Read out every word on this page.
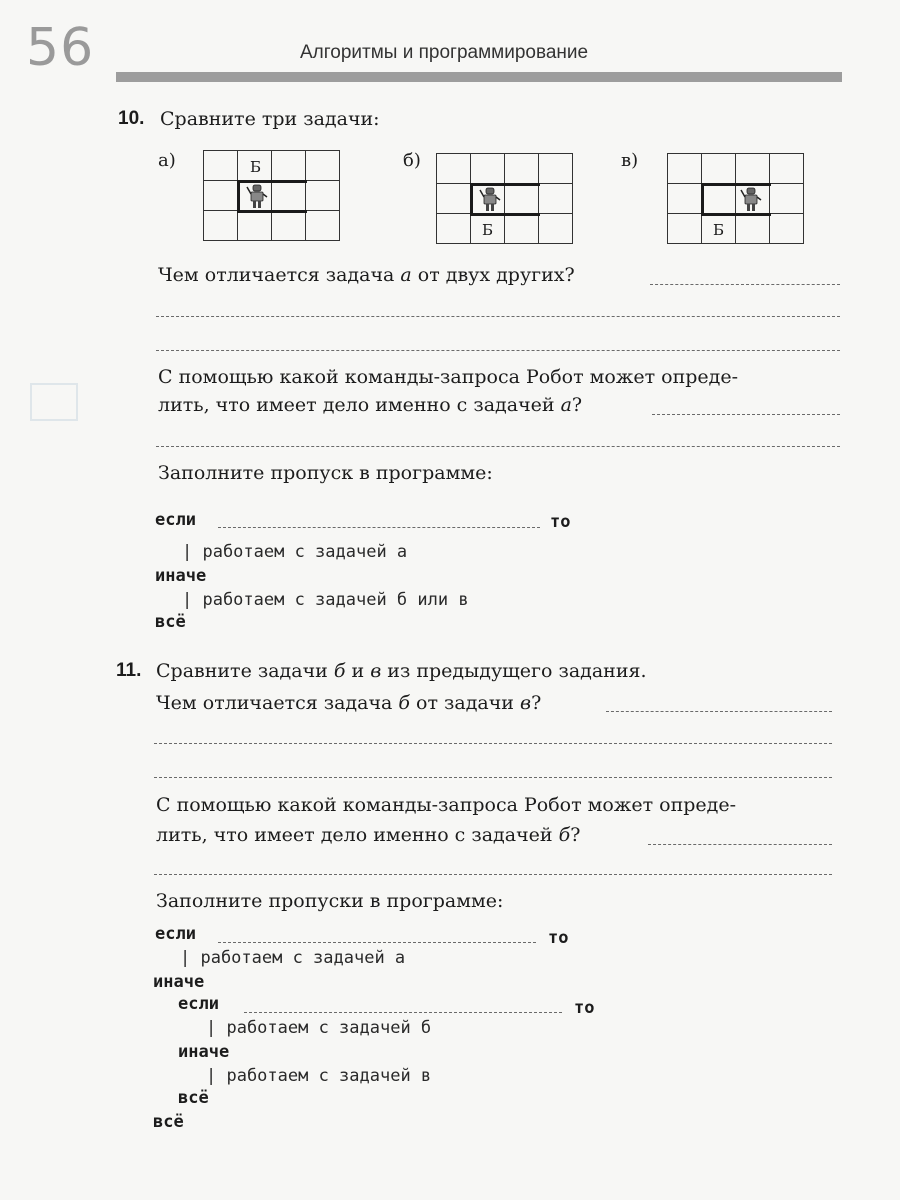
56	Алгоритмы и программирование
10. Сравните три задачи:
а)	Б	б)
Б
в)
Б
Чем отличается задача а от двух других?
С помощью какой команды-запроса Робот может опреде-
лить, что имеет дело именно с задачей а?
Заполните пропуск в программе:
если	то
| работаем с задачей а
иначе
| работаем с задачей б или в
всё
11. Сравните задачи б и в из предыдущего задания.
Чем отличается задача б от задачи в?
С помощью какой команды-запроса Робот может опреде-
лить, что имеет дело именно с задачей б?
Заполните пропуски в программе:
если	то
| работаем с задачей а
иначе
если	то
| работаем с задачей б
иначе
| работаем с задачей в
всё
всё
